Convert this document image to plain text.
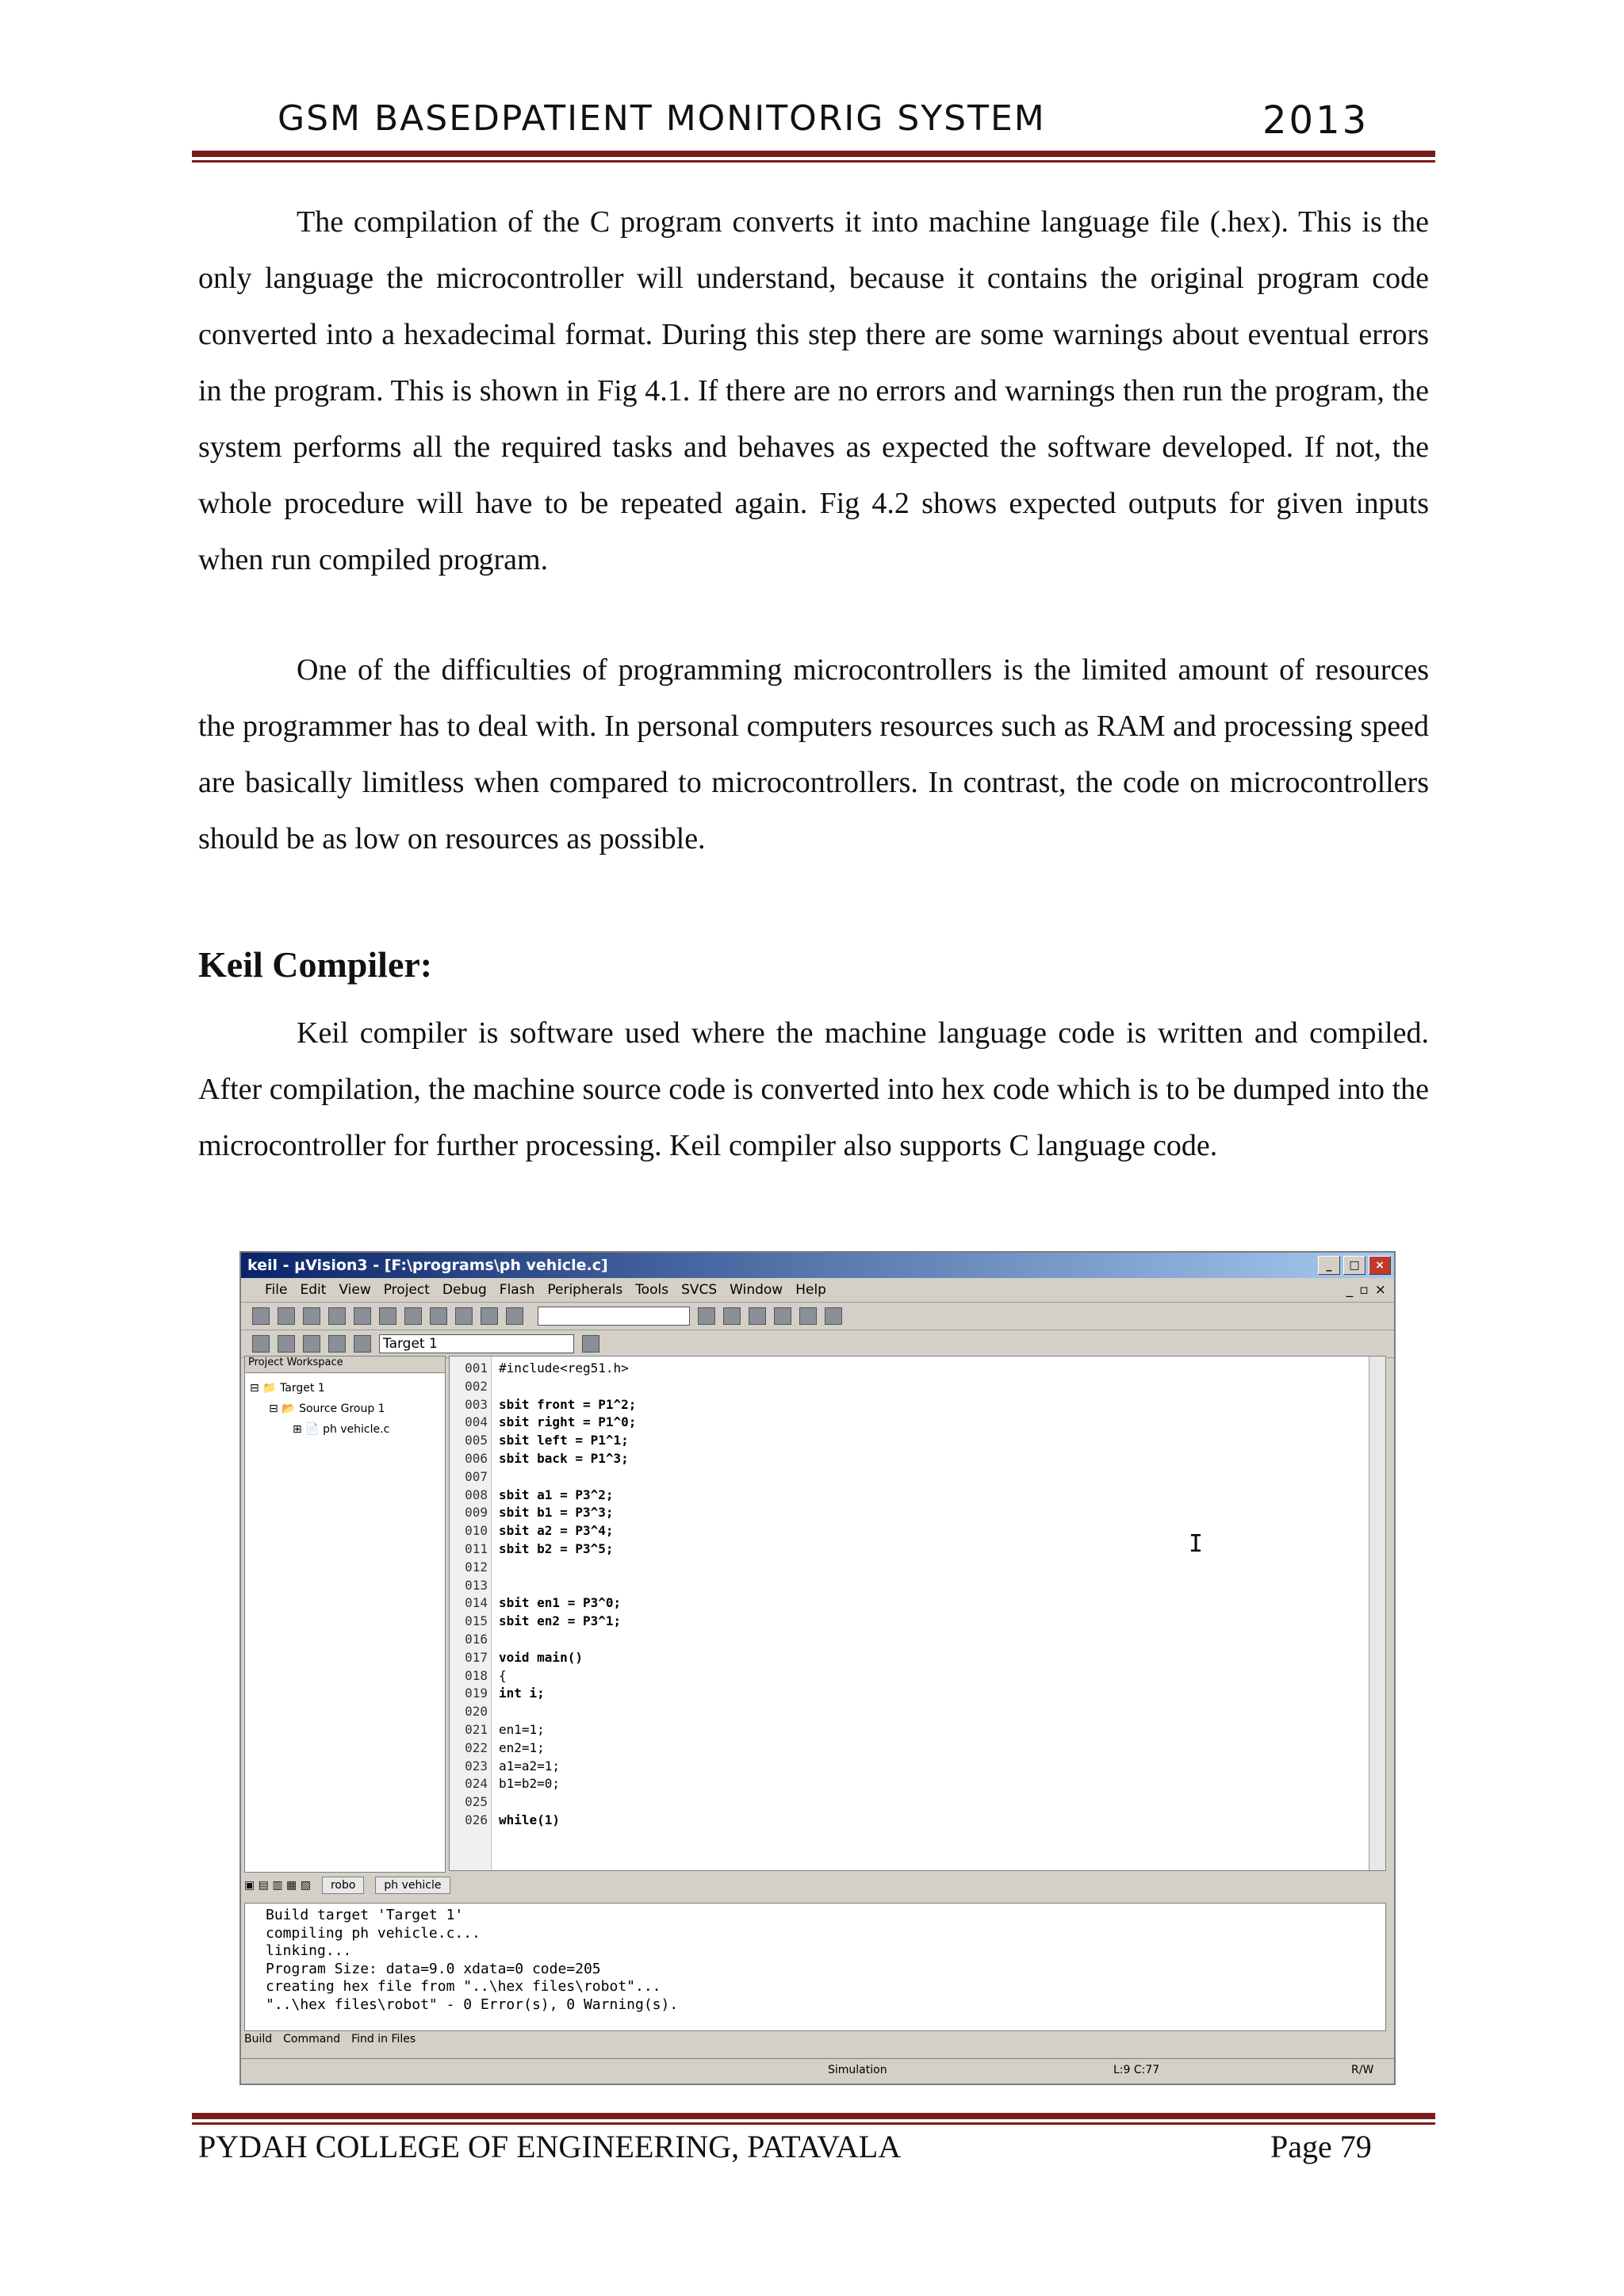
GSM BASEDPATIENT MONITORIG SYSTEM	2013

The compilation of the C program converts it into machine language file (.hex). This is the only language the microcontroller will understand, because it contains the original program code converted into a hexadecimal format. During this step there are some warnings about eventual errors in the program. This is shown in Fig 4.1. If there are no errors and warnings then run the program, the system performs all the required tasks and behaves as expected the software developed. If not, the whole procedure will have to be repeated again. Fig 4.2 shows expected outputs for given inputs when run compiled program.

One of the difficulties of programming microcontrollers is the limited amount of resources the programmer has to deal with. In personal computers resources such as RAM and processing speed are basically limitless when compared to microcontrollers. In contrast, the code on microcontrollers should be as low on resources as possible.

Keil Compiler:

Keil compiler is software used where the machine language code is written and compiled. After compilation, the machine source code is converted into hex code which is to be dumped into the microcontroller for further processing. Keil compiler also supports C language code.

keil - µVision3 - [F:\programs\ph vehicle.c]	_	□	×
File Edit View Project Debug Flash Peripherals Tools SVCS Window Help	_ ▫ ×
Target 1
Project Workspace
⊟ 📁 Target 1
⊟ 📂 Source Group 1
⊞ 📄 ph vehicle.c
001 #include<reg51.h>
002
003 sbit front = P1^2;
004 sbit right = P1^0;
005 sbit left = P1^1;
006 sbit back = P1^3;
007
008 sbit a1 = P3^2;
009 sbit b1 = P3^3;
010 sbit a2 = P3^4;
011 sbit b2 = P3^5;
012
013
014 sbit en1 = P3^0;
015 sbit en2 = P3^1;
016
017 void main()
018 {
019 int i;
020
021 en1=1;
022 en2=1;
023 a1=a2=1;
024 b1=b2=0;
025
026 while(1)
I
▣ ▤ ▥ ▦ ▧	robo	ph vehicle
Build target 'Target 1'
compiling ph vehicle.c...
linking...
Program Size: data=9.0 xdata=0 code=205
creating hex file from "..\hex files\robot"...
"..\hex files\robot" - 0 Error(s), 0 Warning(s).
Build Command Find in Files
Simulation	L:9 C:77	R/W
PYDAH COLLEGE OF ENGINEERING, PATAVALA	Page 79
